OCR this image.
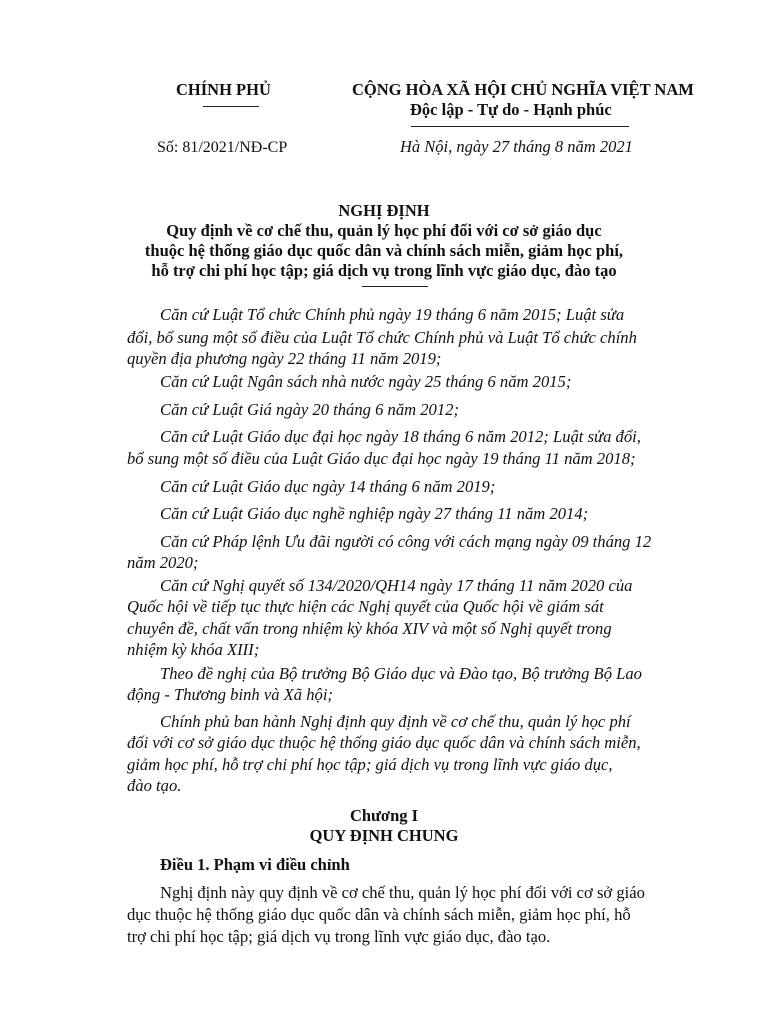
CHÍNH PHỦ	CỘNG HÒA XÃ HỘI CHỦ NGHĨA VIỆT NAM
Độc lập - Tự do - Hạnh phúc
Số: 81/2021/NĐ-CP	Hà Nội, ngày 27 tháng 8 năm 2021
NGHỊ ĐỊNH
Quy định về cơ chế thu, quản lý học phí đối với cơ sở giáo dục
thuộc hệ thống giáo dục quốc dân và chính sách miễn, giảm học phí,
hỗ trợ chi phí học tập; giá dịch vụ trong lĩnh vực giáo dục, đào tạo
Căn cứ Luật Tổ chức Chính phủ ngày 19 tháng 6 năm 2015; Luật sửa
đổi, bổ sung một số điều của Luật Tổ chức Chính phủ và Luật Tổ chức chính
quyền địa phương ngày 22 tháng 11 năm 2019;
Căn cứ Luật Ngân sách nhà nước ngày 25 tháng 6 năm 2015;
Căn cứ Luật Giá ngày 20 tháng 6 năm 2012;
Căn cứ Luật Giáo dục đại học ngày 18 tháng 6 năm 2012; Luật sửa đổi,
bổ sung một số điều của Luật Giáo dục đại học ngày 19 tháng 11 năm 2018;
Căn cứ Luật Giáo dục ngày 14 tháng 6 năm 2019;
Căn cứ Luật Giáo dục nghề nghiệp ngày 27 tháng 11 năm 2014;
Căn cứ Pháp lệnh Ưu đãi người có công với cách mạng ngày 09 tháng 12
năm 2020;
Căn cứ Nghị quyết số 134/2020/QH14 ngày 17 tháng 11 năm 2020 của
Quốc hội về tiếp tục thực hiện các Nghị quyết của Quốc hội về giám sát
chuyên đề, chất vấn trong nhiệm kỳ khóa XIV và một số Nghị quyết trong
nhiệm kỳ khóa XIII;
Theo đề nghị của Bộ trưởng Bộ Giáo dục và Đào tạo, Bộ trưởng Bộ Lao
động - Thương binh và Xã hội;
Chính phủ ban hành Nghị định quy định về cơ chế thu, quản lý học phí
đối với cơ sở giáo dục thuộc hệ thống giáo dục quốc dân và chính sách miễn,
giảm học phí, hỗ trợ chi phí học tập; giá dịch vụ trong lĩnh vực giáo dục,
đào tạo.
Chương I
QUY ĐỊNH CHUNG
Điều 1. Phạm vi điều chỉnh
Nghị định này quy định về cơ chế thu, quản lý học phí đối với cơ sở giáo
dục thuộc hệ thống giáo dục quốc dân và chính sách miễn, giảm học phí, hỗ
trợ chi phí học tập; giá dịch vụ trong lĩnh vực giáo dục, đào tạo.
